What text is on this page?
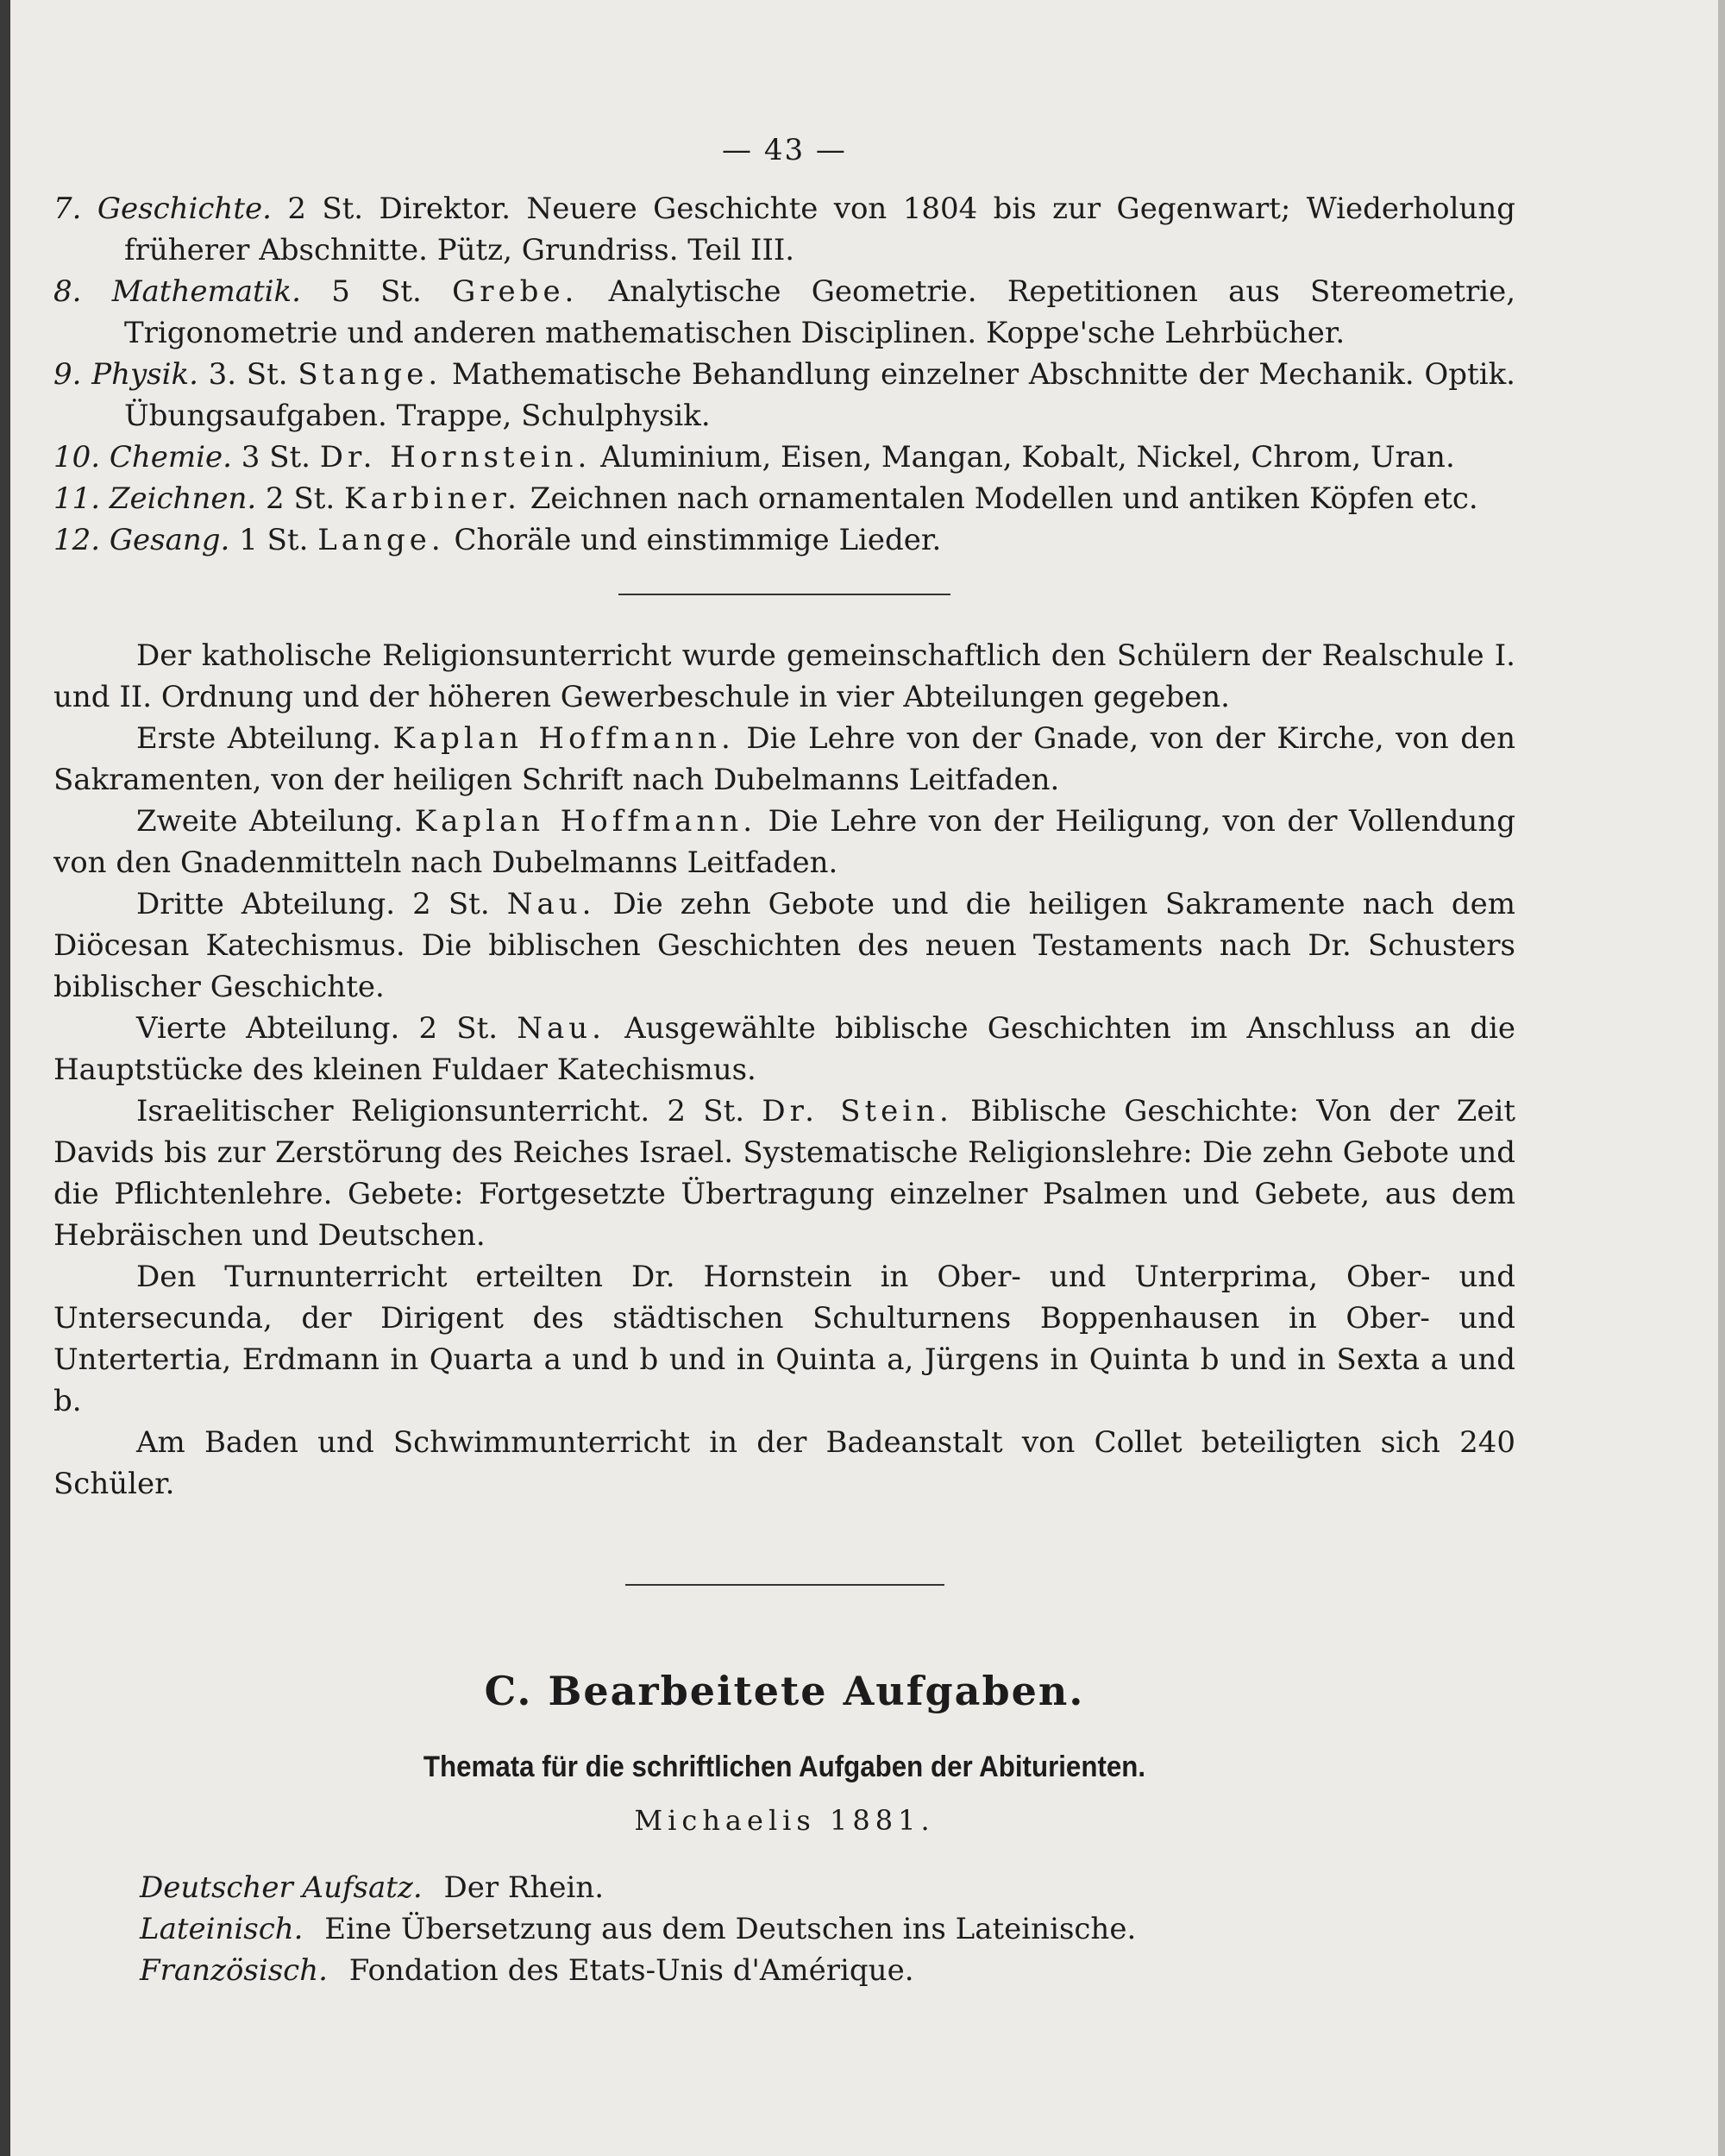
— 43 —
7. Geschichte. 2 St. Direktor. Neuere Geschichte von 1804 bis zur Gegenwart; Wiederholung früherer Abschnitte. Pütz, Grundriss. Teil III.
8. Mathematik. 5 St. Grebe. Analytische Geometrie. Repetitionen aus Stereometrie, Trigonometrie und anderen mathematischen Disciplinen. Koppe'sche Lehrbücher.
9. Physik. 3. St. Stange. Mathematische Behandlung einzelner Abschnitte der Mechanik. Optik. Übungsaufgaben. Trappe, Schulphysik.
10. Chemie. 3 St. Dr. Hornstein. Aluminium, Eisen, Mangan, Kobalt, Nickel, Chrom, Uran.
11. Zeichnen. 2 St. Karbiner. Zeichnen nach ornamentalen Modellen und antiken Köpfen etc.
12. Gesang. 1 St. Lange. Choräle und einstimmige Lieder.

Der katholische Religionsunterricht wurde gemeinschaftlich den Schülern der Realschule I. und II. Ordnung und der höheren Gewerbeschule in vier Abteilungen gegeben.

Erste Abteilung. Kaplan Hoffmann. Die Lehre von der Gnade, von der Kirche, von den Sakramenten, von der heiligen Schrift nach Dubelmanns Leitfaden.

Zweite Abteilung. Kaplan Hoffmann. Die Lehre von der Heiligung, von der Vollendung von den Gnadenmitteln nach Dubelmanns Leitfaden.

Dritte Abteilung. 2 St. Nau. Die zehn Gebote und die heiligen Sakramente nach dem Diöcesan Katechismus. Die biblischen Geschichten des neuen Testaments nach Dr. Schusters biblischer Geschichte.

Vierte Abteilung. 2 St. Nau. Ausgewählte biblische Geschichten im Anschluss an die Hauptstücke des kleinen Fuldaer Katechismus.

Israelitischer Religionsunterricht. 2 St. Dr. Stein. Biblische Geschichte: Von der Zeit Davids bis zur Zerstörung des Reiches Israel. Systematische Religionslehre: Die zehn Gebote und die Pflichtenlehre. Gebete: Fortgesetzte Übertragung einzelner Psalmen und Gebete, aus dem Hebräischen und Deutschen.

Den Turnunterricht erteilten Dr. Hornstein in Ober- und Unterprima, Ober- und Untersecunda, der Dirigent des städtischen Schulturnens Boppenhausen in Ober- und Untertertia, Erdmann in Quarta a und b und in Quinta a, Jürgens in Quinta b und in Sexta a und b.

Am Baden und Schwimmunterricht in der Badeanstalt von Collet beteiligten sich 240 Schüler.

C. Bearbeitete Aufgaben.
Themata für die schriftlichen Aufgaben der Abiturienten.
Michaelis 1881.
Deutscher Aufsatz. Der Rhein.
Lateinisch. Eine Übersetzung aus dem Deutschen ins Lateinische.
Französisch. Fondation des Etats-Unis d'Amérique.
